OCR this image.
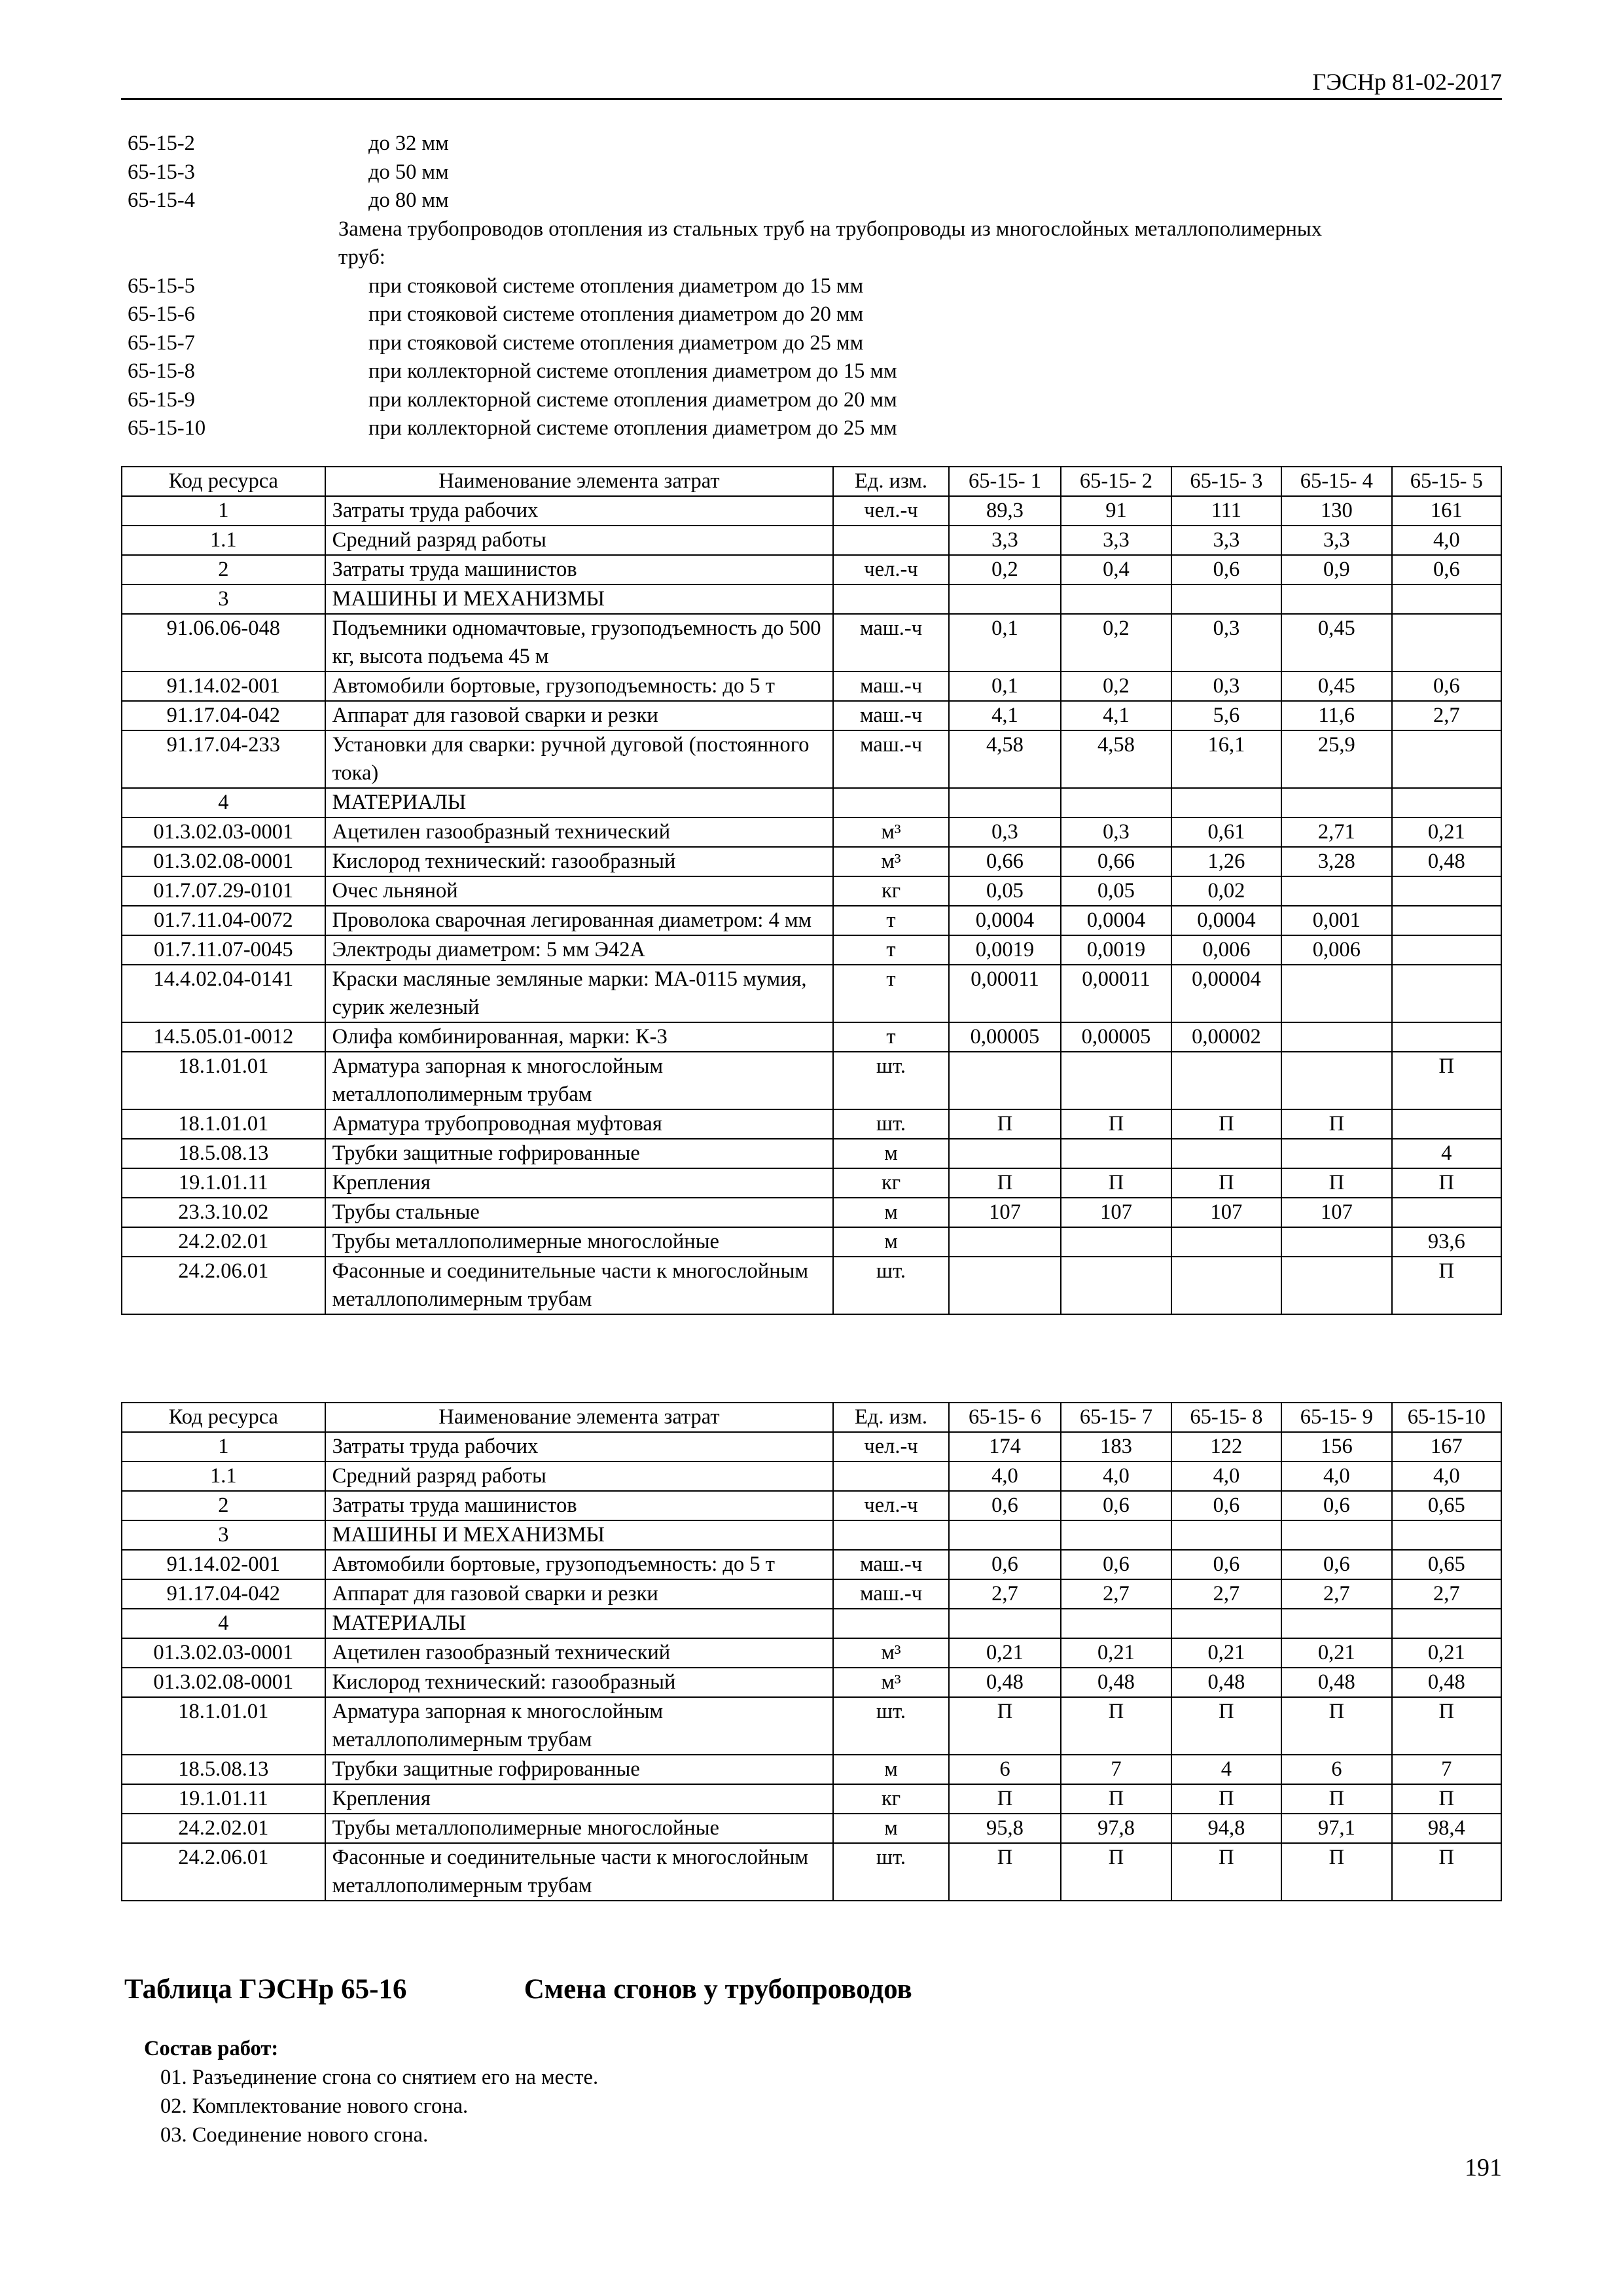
ГЭСНр 81-02-2017
65-15-2	до 32 мм
65-15-3	до 50 мм
65-15-4	до 80 мм
Замена трубопроводов отопления из стальных труб на трубопроводы из многослойных металлополимерных
труб:
65-15-5	при стояковой системе отопления диаметром до 15 мм
65-15-6	при стояковой системе отопления диаметром до 20 мм
65-15-7	при стояковой системе отопления диаметром до 25 мм
65-15-8	при коллекторной системе отопления диаметром до 15 мм
65-15-9	при коллекторной системе отопления диаметром до 20 мм
65-15-10	при коллекторной системе отопления диаметром до 25 мм
Код ресурса	Наименование элемента затрат	Ед. изм.	65-15- 1	65-15- 2	65-15- 3	65-15- 4	65-15- 5
1	Затраты труда рабочих	чел.-ч	89,3	91	111	130	161
1.1	Средний разряд работы		3,3	3,3	3,3	3,3	4,0
2	Затраты труда машинистов	чел.-ч	0,2	0,4	0,6	0,9	0,6
3	МАШИНЫ И МЕХАНИЗМЫ						
91.06.06-048	Подъемники одномачтовые, грузоподъемность до 500 кг, высота подъема 45 м	маш.-ч	0,1	0,2	0,3	0,45	
91.14.02-001	Автомобили бортовые, грузоподъемность: до 5 т	маш.-ч	0,1	0,2	0,3	0,45	0,6
91.17.04-042	Аппарат для газовой сварки и резки	маш.-ч	4,1	4,1	5,6	11,6	2,7
91.17.04-233	Установки для сварки: ручной дуговой (постоянного тока)	маш.-ч	4,58	4,58	16,1	25,9	
4	МАТЕРИАЛЫ						
01.3.02.03-0001	Ацетилен газообразный технический	м³	0,3	0,3	0,61	2,71	0,21
01.3.02.08-0001	Кислород технический: газообразный	м³	0,66	0,66	1,26	3,28	0,48
01.7.07.29-0101	Очес льняной	кг	0,05	0,05	0,02		
01.7.11.04-0072	Проволока сварочная легированная диаметром: 4 мм	т	0,0004	0,0004	0,0004	0,001	
01.7.11.07-0045	Электроды диаметром: 5 мм Э42А	т	0,0019	0,0019	0,006	0,006	
14.4.02.04-0141	Краски масляные земляные марки: МА-0115 мумия, сурик железный	т	0,00011	0,00011	0,00004		
14.5.05.01-0012	Олифа комбинированная, марки: К-3	т	0,00005	0,00005	0,00002		
18.1.01.01	Арматура запорная к многослойным металлополимерным трубам	шт.					П
18.1.01.01	Арматура трубопроводная муфтовая	шт.	П	П	П	П	
18.5.08.13	Трубки защитные гофрированные	м					4
19.1.01.11	Крепления	кг	П	П	П	П	П
23.3.10.02	Трубы стальные	м	107	107	107	107	
24.2.02.01	Трубы металлополимерные многослойные	м					93,6
24.2.06.01	Фасонные и соединительные части к многослойным металлополимерным трубам	шт.					П
Код ресурса	Наименование элемента затрат	Ед. изм.	65-15- 6	65-15- 7	65-15- 8	65-15- 9	65-15-10
1	Затраты труда рабочих	чел.-ч	174	183	122	156	167
1.1	Средний разряд работы		4,0	4,0	4,0	4,0	4,0
2	Затраты труда машинистов	чел.-ч	0,6	0,6	0,6	0,6	0,65
3	МАШИНЫ И МЕХАНИЗМЫ						
91.14.02-001	Автомобили бортовые, грузоподъемность: до 5 т	маш.-ч	0,6	0,6	0,6	0,6	0,65
91.17.04-042	Аппарат для газовой сварки и резки	маш.-ч	2,7	2,7	2,7	2,7	2,7
4	МАТЕРИАЛЫ						
01.3.02.03-0001	Ацетилен газообразный технический	м³	0,21	0,21	0,21	0,21	0,21
01.3.02.08-0001	Кислород технический: газообразный	м³	0,48	0,48	0,48	0,48	0,48
18.1.01.01	Арматура запорная к многослойным металлополимерным трубам	шт.	П	П	П	П	П
18.5.08.13	Трубки защитные гофрированные	м	6	7	4	6	7
19.1.01.11	Крепления	кг	П	П	П	П	П
24.2.02.01	Трубы металлополимерные многослойные	м	95,8	97,8	94,8	97,1	98,4
24.2.06.01	Фасонные и соединительные части к многослойным металлополимерным трубам	шт.	П	П	П	П	П
Таблица ГЭСНр 65-16	Смена сгонов у трубопроводов
Состав работ:
01. Разъединение сгона со снятием его на месте.
02. Комплектование нового сгона.
03. Соединение нового сгона.
191
